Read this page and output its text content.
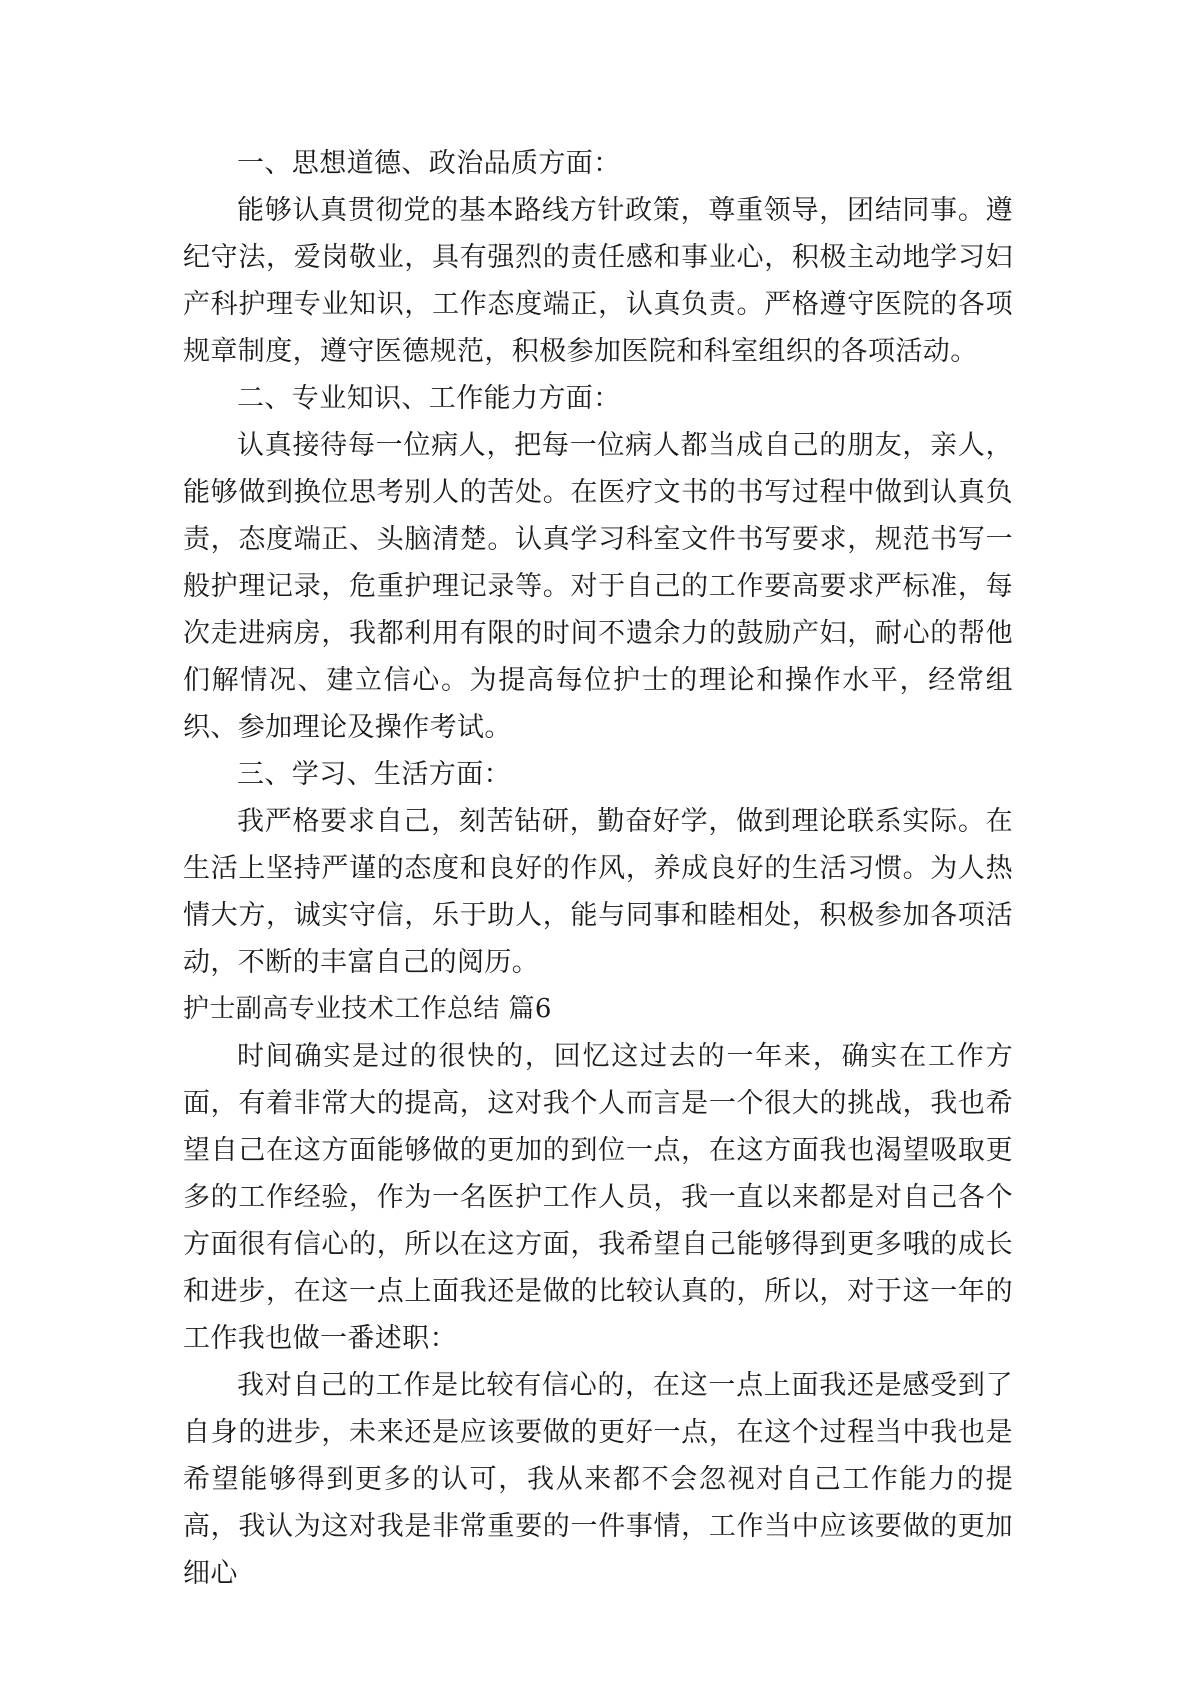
一、思想道德、政治品质方面：

能够认真贯彻党的基本路线方针政策，尊重领导，团结同事。遵纪守法，爱岗敬业，具有强烈的责任感和事业心，积极主动地学习妇产科护理专业知识，工作态度端正，认真负责。严格遵守医院的各项规章制度，遵守医德规范，积极参加医院和科室组织的各项活动。

二、专业知识、工作能力方面：

认真接待每一位病人，把每一位病人都当成自己的朋友，亲人，能够做到换位思考别人的苦处。在医疗文书的书写过程中做到认真负责，态度端正、头脑清楚。认真学习科室文件书写要求，规范书写一般护理记录，危重护理记录等。对于自己的工作要高要求严标准，每次走进病房，我都利用有限的时间不遗余力的鼓励产妇，耐心的帮他们解情况、建立信心。为提高每位护士的理论和操作水平，经常组织、参加理论及操作考试。

三、学习、生活方面：

我严格要求自己，刻苦钻研，勤奋好学，做到理论联系实际。在生活上坚持严谨的态度和良好的作风，养成良好的生活习惯。为人热情大方，诚实守信，乐于助人，能与同事和睦相处，积极参加各项活动，不断的丰富自己的阅历。

护士副高专业技术工作总结 篇6

时间确实是过的很快的，回忆这过去的一年来，确实在工作方面，有着非常大的提高，这对我个人而言是一个很大的挑战，我也希望自己在这方面能够做的更加的到位一点，在这方面我也渴望吸取更多的工作经验，作为一名医护工作人员，我一直以来都是对自己各个方面很有信心的，所以在这方面，我希望自己能够得到更多哦的成长和进步，在这一点上面我还是做的比较认真的，所以，对于这一年的工作我也做一番述职：

我对自己的工作是比较有信心的，在这一点上面我还是感受到了自身的进步，未来还是应该要做的更好一点，在这个过程当中我也是希望能够得到更多的认可，我从来都不会忽视对自己工作能力的提高，我认为这对我是非常重要的一件事情，工作当中应该要做的更加细心
